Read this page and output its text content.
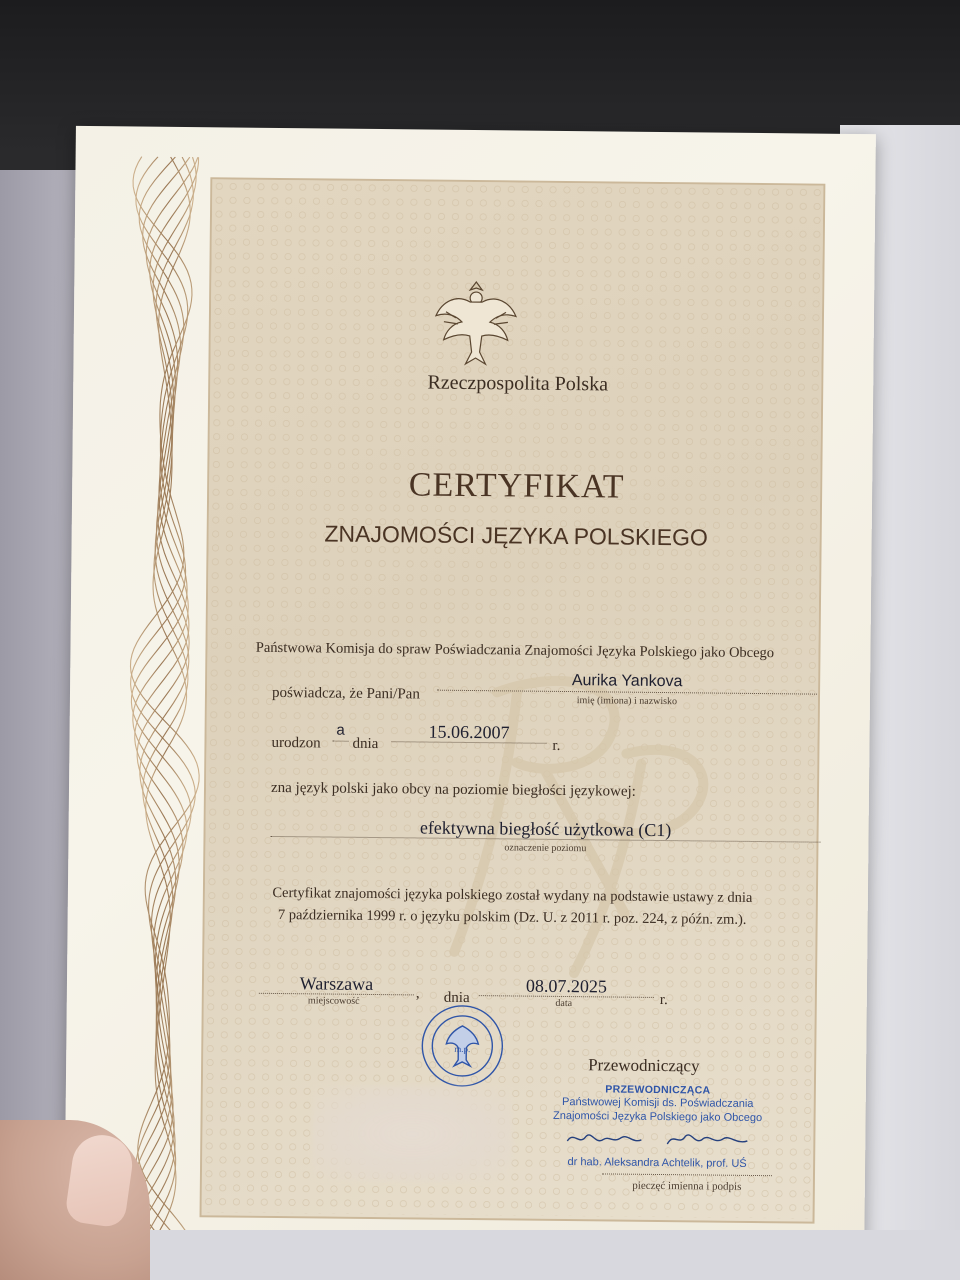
Rzeczpospolita Polska
CERTYFIKAT
ZNAJOMOŚCI JĘZYKA POLSKIEGO
Państwowa Komisja do spraw Poświadczania Znajomości Języka Polskiego jako Obcego
poświadcza, że Pani/Pan
Aurika Yankova
imię (imiona) i nazwisko
urodzon
a
dnia
15.06.2007
r.
zna język polski jako obcy na poziomie biegłości językowej:
efektywna biegłość użytkowa (C1)
oznaczenie poziomu
Certyfikat znajomości języka polskiego został wydany na podstawie ustawy z dnia
7 października 1999 r. o języku polskim (Dz. U. z 2011 r. poz. 224, z późn. zm.).
Warszawa	,
miejscowość	dnia
08.07.2025
r.
data
m.p.
Przewodniczący
PRZEWODNICZĄCA
Państwowej Komisji ds. Poświadczania
Znajomości Języka Polskiego jako Obcego
dr hab. Aleksandra Achtelik, prof. UŚ
pieczęć imienna i podpis
